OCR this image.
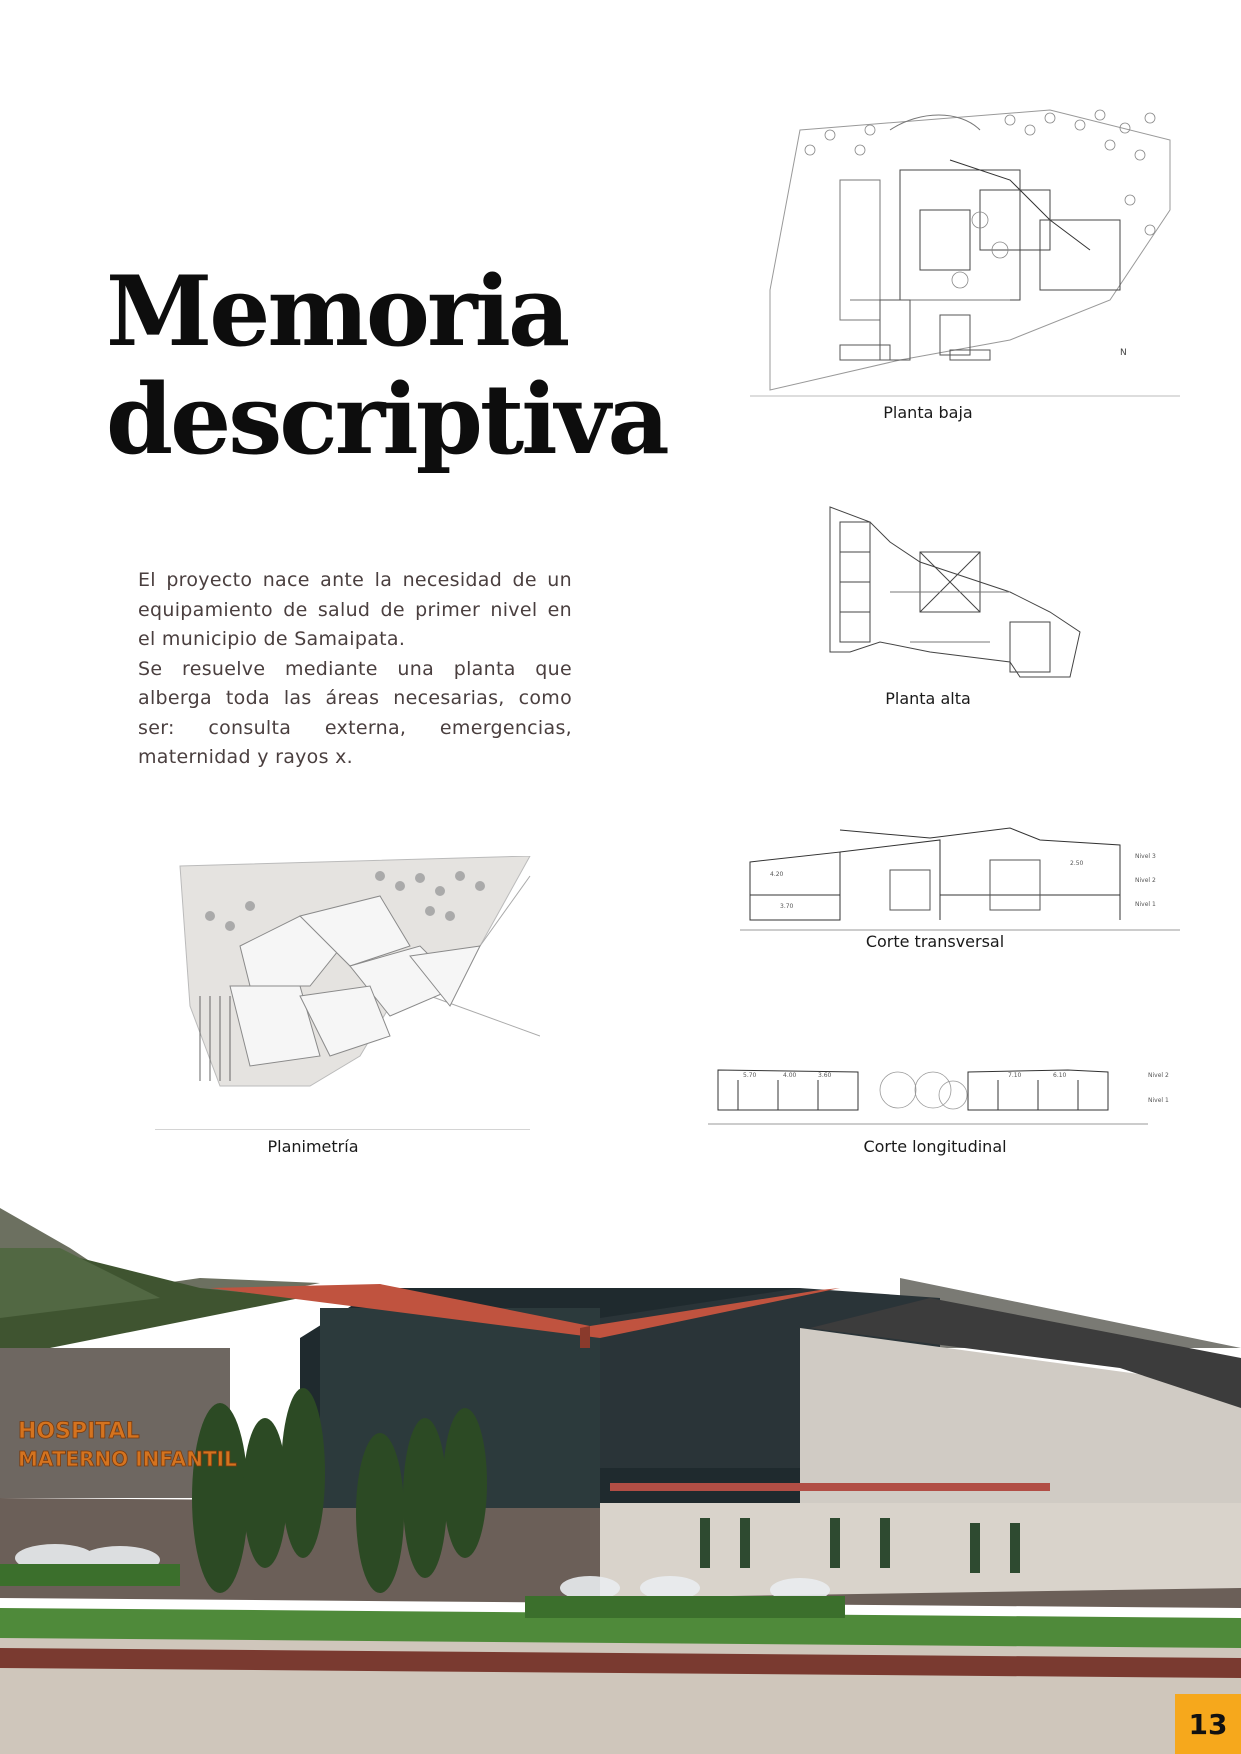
Memoria
descriptiva

El proyecto nace ante la necesidad de un equipamiento de salud de primer nivel en el municipio de Samaipata.

Se resuelve mediante una planta que alberga toda las áreas necesarias, como ser: consulta externa, emergencias, maternidad y rayos x.

N
Planta baja
Planta alta
4.20
3.70
2.50
Nivel 3
Nivel 2
Nivel 1
Corte transversal
5.70	4.00	3.60	7.10	6.10	Nivel 2
Nivel 1
Corte longitudinal
Planimetría
HOSPITAL
MATERNO INFANTIL
13
